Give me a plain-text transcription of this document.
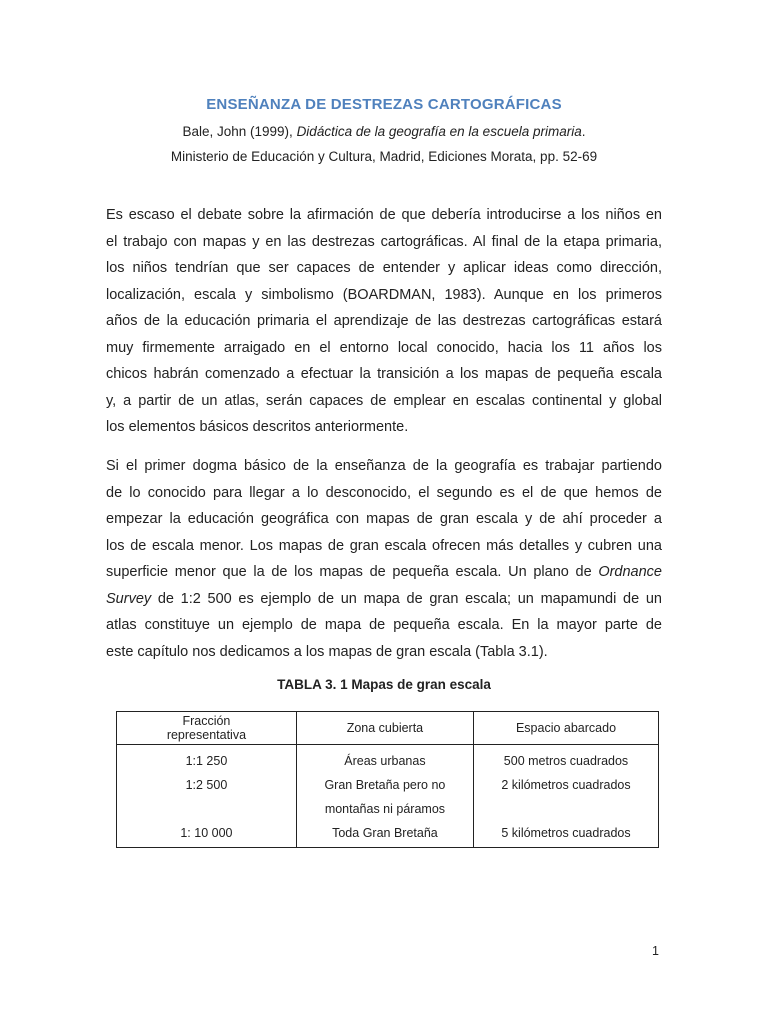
ENSEÑANZA DE DESTREZAS CARTOGRÁFICAS
Bale, John (1999), Didáctica de la geografía en la escuela primaria.
Ministerio de Educación y Cultura, Madrid, Ediciones Morata, pp. 52-69
Es escaso el debate sobre la afirmación de que debería introducirse a los niños en
el trabajo con mapas y en las destrezas cartográficas. Al final de la etapa primaria,
los niños tendrían que ser capaces de entender y aplicar ideas como dirección,
localización, escala y simbolismo (BOARDMAN, 1983). Aunque en los primeros
años de la educación primaria el aprendizaje de las destrezas cartográficas estará
muy firmemente arraigado en el entorno local conocido, hacia los 11 años los
chicos habrán comenzado a efectuar la transición a los mapas de pequeña escala
y, a partir de un atlas, serán capaces de emplear en escalas continental y global
los elementos básicos descritos anteriormente.
Si el primer dogma básico de la enseñanza de la geografía es trabajar partiendo
de lo conocido para llegar a lo desconocido, el segundo es el de que hemos de
empezar la educación geográfica con mapas de gran escala y de ahí proceder a
los de escala menor. Los mapas de gran escala ofrecen más detalles y cubren una
superficie menor que la de los mapas de pequeña escala. Un plano de Ordnance
Survey de 1:2 500 es ejemplo de un mapa de gran escala; un mapamundi de un
atlas constituye un ejemplo de mapa de pequeña escala. En la mayor parte de
este capítulo nos dedicamos a los mapas de gran escala (Tabla 3.1).
TABLA 3. 1 Mapas de gran escala
Fracción
representativa	Zona cubierta	Espacio abarcado
1:1 250	Áreas urbanas	500 metros cuadrados
1:2 500	Gran Bretaña pero no
montañas ni páramos	2 kilómetros cuadrados
1: 10 000	Toda Gran Bretaña	5 kilómetros cuadrados
1
